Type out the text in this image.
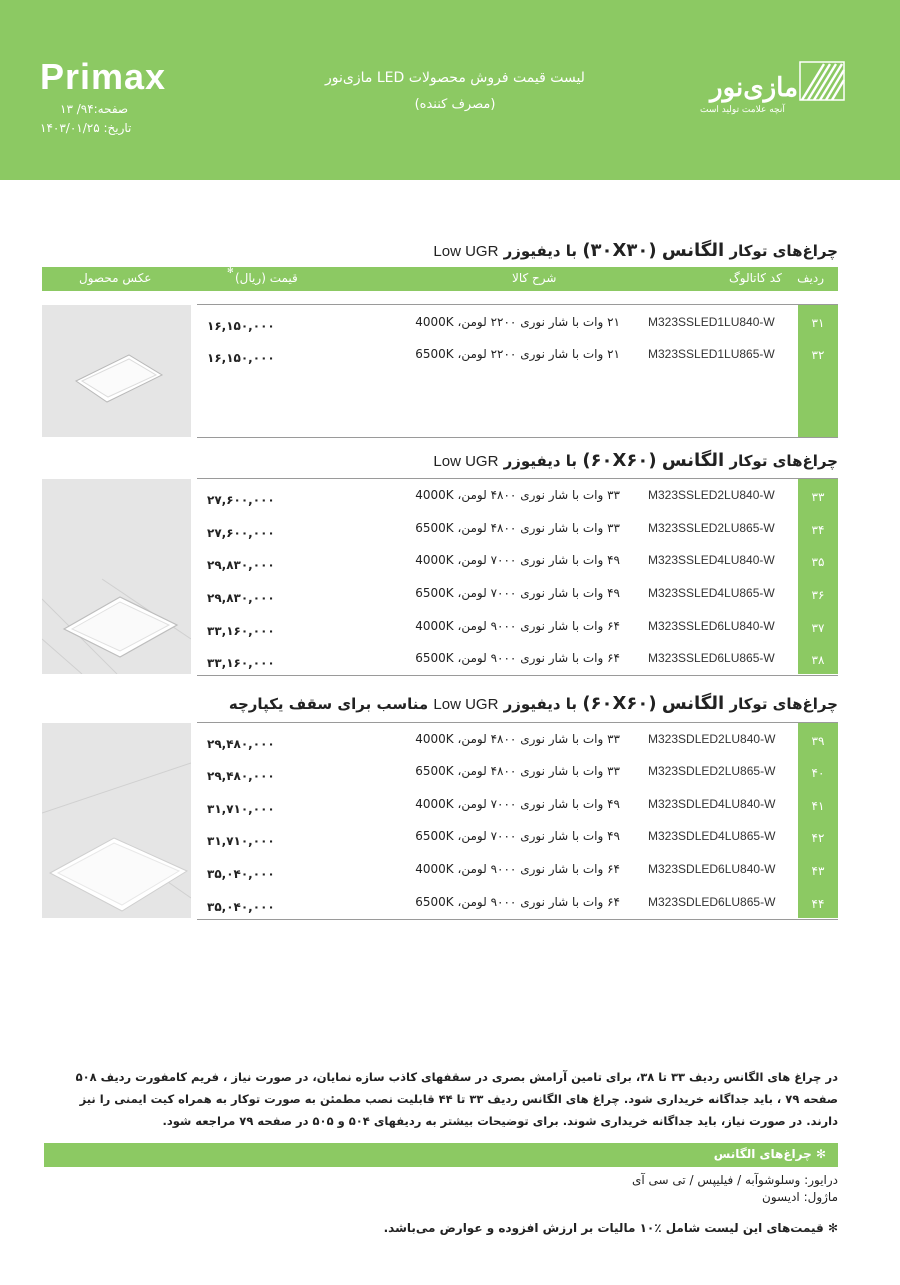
Primax
صفحه:۹۴/ ۱۳
تاریخ: ۱۴۰۳/۰۱/۲۵
لیست قیمت فروش محصولات LED مازی‌نور
(مصرف کننده)
مازی‌نور
آنچه علامت تولید است
چراغ‌های توکار الگانس (۳۰X۳۰) با دیفیوزر Low UGR
ردیف
کد کاتالوگ
شرح کالا
قیمت (ریال)
✻
عکس محصول
۱۶,۱۵۰,۰۰۰	۲۱ وات با شار نوری ۲۲۰۰ لومن، 4000K M323SSLED1LU840-W	۳۱
۱۶,۱۵۰,۰۰۰	۲۱ وات با شار نوری ۲۲۰۰ لومن، 6500K M323SSLED1LU865-W	۳۲
چراغ‌های توکار الگانس (۶۰X۶۰) با دیفیوزر Low UGR
۲۷,۶۰۰,۰۰۰	۳۳ وات با شار نوری ۴۸۰۰ لومن، 4000K M323SSLED2LU840-W	۳۳
۲۷,۶۰۰,۰۰۰	۳۳ وات با شار نوری ۴۸۰۰ لومن، 6500K M323SSLED2LU865-W	۳۴
۲۹,۸۳۰,۰۰۰	۴۹ وات با شار نوری ۷۰۰۰ لومن، 4000K M323SSLED4LU840-W	۳۵
۲۹,۸۳۰,۰۰۰	۴۹ وات با شار نوری ۷۰۰۰ لومن، 6500K M323SSLED4LU865-W	۳۶
۳۳,۱۶۰,۰۰۰	۶۴ وات با شار نوری ۹۰۰۰ لومن، 4000K M323SSLED6LU840-W	۳۷
۳۳,۱۶۰,۰۰۰	۶۴ وات با شار نوری ۹۰۰۰ لومن، 6500K M323SSLED6LU865-W	۳۸
چراغ‌های توکار الگانس (۶۰X۶۰) با دیفیوزر Low UGR مناسب برای سقف یکپارچه
۲۹,۴۸۰,۰۰۰	۳۳ وات با شار نوری ۴۸۰۰ لومن، 4000K M323SDLED2LU840-W	۳۹
۲۹,۴۸۰,۰۰۰	۳۳ وات با شار نوری ۴۸۰۰ لومن، 6500K M323SDLED2LU865-W	۴۰
۳۱,۷۱۰,۰۰۰	۴۹ وات با شار نوری ۷۰۰۰ لومن، 4000K M323SDLED4LU840-W	۴۱
۳۱,۷۱۰,۰۰۰	۴۹ وات با شار نوری ۷۰۰۰ لومن، 6500K M323SDLED4LU865-W	۴۲
۳۵,۰۴۰,۰۰۰	۶۴ وات با شار نوری ۹۰۰۰ لومن، 4000K M323SDLED6LU840-W	۴۳
۳۵,۰۴۰,۰۰۰	۶۴ وات با شار نوری ۹۰۰۰ لومن، 6500K M323SDLED6LU865-W	۴۴
در چراغ های الگانس ردیف ۳۳ تا ۳۸، برای تامین آرامش بصری در سقفهای کاذب سازه نمایان، در صورت نیاز ، فریم کامفورت ردیف ۵۰۸ صفحه ۷۹ ، باید جداگانه خریداری شود. چراغ های الگانس ردیف ۳۳ تا ۴۴ قابلیت نصب مطمئن به صورت توکار به همراه کیت ایمنی را نیز دارند. در صورت نیاز، باید جداگانه خریداری شوند. برای توضیحات بیشتر به ردیفهای ۵۰۴ و ۵۰۵ در صفحه ۷۹ مراجعه شود.
✻ چراغ‌های الگانس
درایور: وسلوشوآبه / فیلیپس / تی سی آی
ماژول: ادیسون
✻ قیمت‌های این لیست شامل ٪۱۰ مالیات بر ارزش افزوده و عوارض می‌باشد.
